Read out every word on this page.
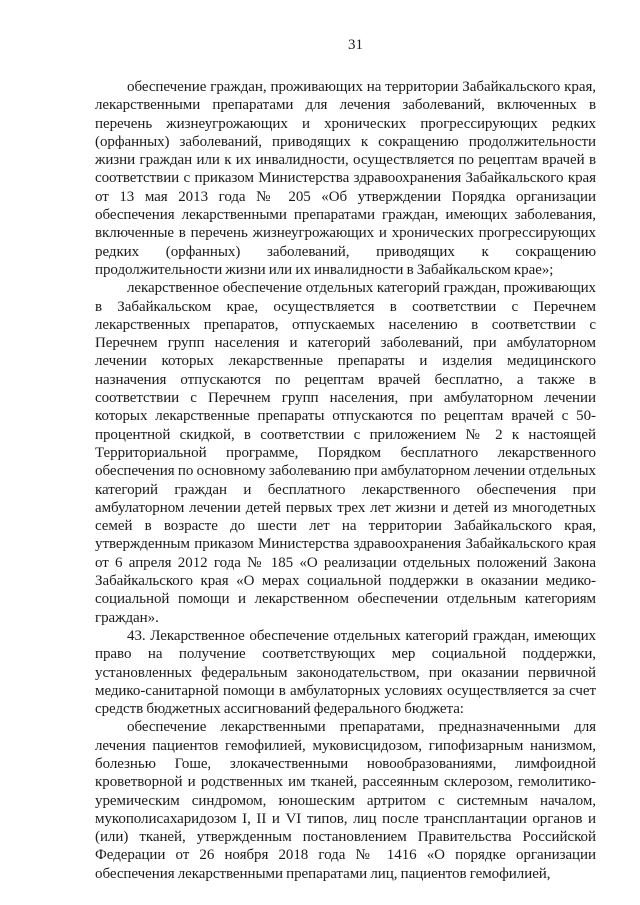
31

обеспечение граждан, проживающих на территории Забайкальского края, лекарственными препаратами для лечения заболеваний, включенных в перечень жизнеугрожающих и хронических прогрессирующих редких (орфанных) заболеваний, приводящих к сокращению продолжительности жизни граждан или к их инвалидности, осуществляется по рецептам врачей в соответствии с приказом Министерства здравоохранения Забайкальского края от 13 мая 2013 года № 205 «Об утверждении Порядка организации обеспечения лекарственными препаратами граждан, имеющих заболевания, включенные в перечень жизнеугрожающих и хронических прогрессирующих редких (орфанных) заболеваний, приводящих к сокращению продолжительности жизни или их инвалидности в Забайкальском крае»;

лекарственное обеспечение отдельных категорий граждан, проживающих в Забайкальском крае, осуществляется в соответствии с Перечнем лекарственных препаратов, отпускаемых населению в соответствии с Перечнем групп населения и категорий заболеваний, при амбулаторном лечении которых лекарственные препараты и изделия медицинского назначения отпускаются по рецептам врачей бесплатно, а также в соответствии с Перечнем групп населения, при амбулаторном лечении которых лекарственные препараты отпускаются по рецептам врачей с 50-процентной скидкой, в соответствии с приложением № 2 к настоящей Территориальной программе, Порядком бесплатного лекарственного обеспечения по основному заболеванию при амбулаторном лечении отдельных категорий граждан и бесплатного лекарственного обеспечения при амбулаторном лечении детей первых трех лет жизни и детей из многодетных семей в возрасте до шести лет на территории Забайкальского края, утвержденным приказом Министерства здравоохранения Забайкальского края от 6 апреля 2012 года № 185 «О реализации отдельных положений Закона Забайкальского края «О мерах социальной поддержки в оказании медико-социальной помощи и лекарственном обеспечении отдельным категориям граждан».

43. Лекарственное обеспечение отдельных категорий граждан, имеющих право на получение соответствующих мер социальной поддержки, установленных федеральным законодательством, при оказании первичной медико-санитарной помощи в амбулаторных условиях осуществляется за счет средств бюджетных ассигнований федерального бюджета:

обеспечение лекарственными препаратами, предназначенными для лечения пациентов гемофилией, муковисцидозом, гипофизарным нанизмом, болезнью Гоше, злокачественными новообразованиями, лимфоидной кроветворной и родственных им тканей, рассеянным склерозом, гемолитико-уремическим синдромом, юношеским артритом с системным началом, мукополисахаридозом I, II и VI типов, лиц после трансплантации органов и (или) тканей, утвержденным постановлением Правительства Российской Федерации от 26 ноября 2018 года № 1416 «О порядке организации обеспечения лекарственными препаратами лиц, пациентов гемофилией,
